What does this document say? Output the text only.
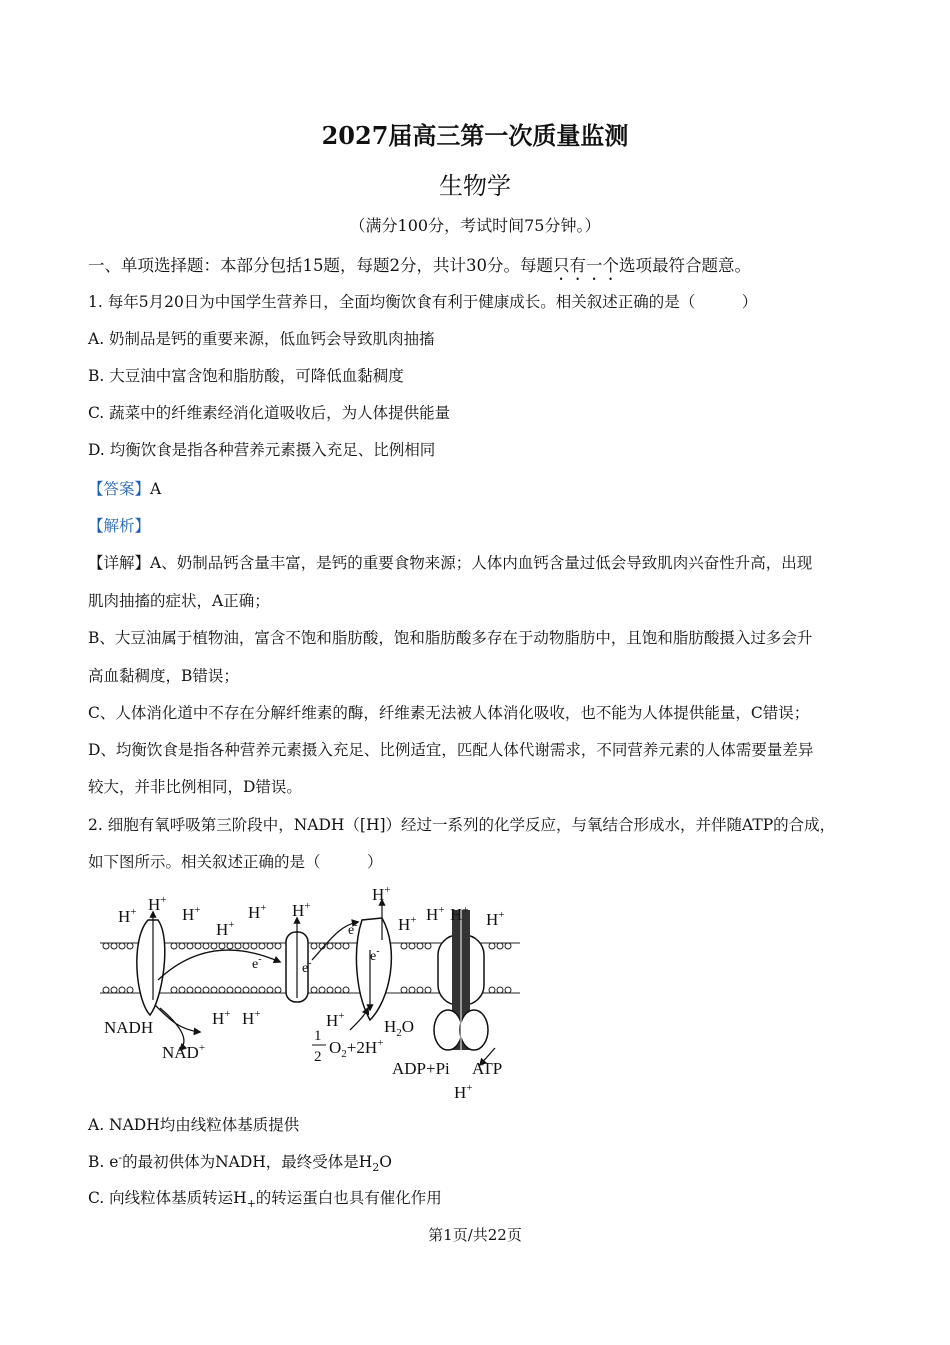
2027届高三第一次质量监测
生物学
（满分100分，考试时间75分钟。）
一、单项选择题：本部分包括15题，每题2分，共计30分。每题只有一个选项最符合题意。
1. 每年5月20日为中国学生营养日，全面均衡饮食有利于健康成长。相关叙述正确的是（　　　）
A. 奶制品是钙的重要来源，低血钙会导致肌肉抽搐
B. 大豆油中富含饱和脂肪酸，可降低血黏稠度
C. 蔬菜中的纤维素经消化道吸收后，为人体提供能量
D. 均衡饮食是指各种营养元素摄入充足、比例相同
【答案】A
【解析】
【详解】A、奶制品钙含量丰富，是钙的重要食物来源；人体内血钙含量过低会导致肌肉兴奋性升高，出现
肌肉抽搐的症状，A正确；
B、大豆油属于植物油，富含不饱和脂肪酸，饱和脂肪酸多存在于动物脂肪中，且饱和脂肪酸摄入过多会升
高血黏稠度，B错误；
C、人体消化道中不存在分解纤维素的酶，纤维素无法被人体消化吸收，也不能为人体提供能量，C错误；
D、均衡饮食是指各种营养元素摄入充足、比例适宜，匹配人体代谢需求，不同营养元素的人体需要量差异
较大，并非比例相同，D错误。
2. 细胞有氧呼吸第三阶段中，NADH（[H]）经过一系列的化学反应，与氧结合形成水，并伴随ATP的合成，
如下图所示。相关叙述正确的是（　　　）
H+ H+
H+
H+
H+ H+
H+
H+ H+ H+ H+
H+ H+	H+
H+
NADH
NAD+
e-
e-
e-
e-
$H_2O$
1
2 $O_2+2H^+$
ADP+Pi ATP
A. NADH均由线粒体基质提供
B. e-的最初供体为NADH，最终受体是$H_2O$
C. 向线粒体基质转运$H_+$的转运蛋白也具有催化作用
第1页/共22页
